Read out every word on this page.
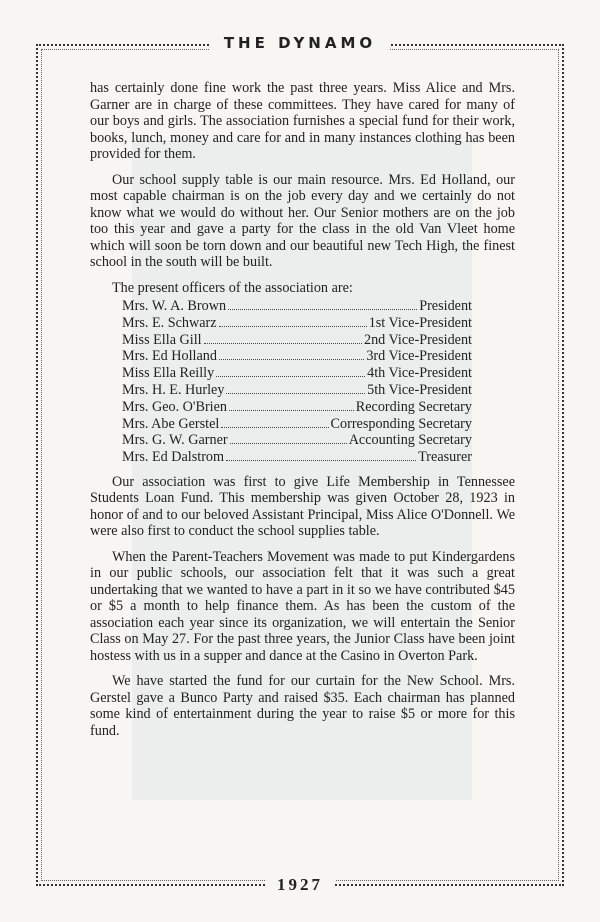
THE DYNAMO

has certainly done fine work the past three years. Miss Alice and Mrs. Garner are in charge of these committees. They have cared for many of our boys and girls. The association furnishes a special fund for their work, books, lunch, money and care for and in many instances clothing has been provided for them.

Our school supply table is our main resource. Mrs. Ed Holland, our most capable chairman is on the job every day and we certainly do not know what we would do without her. Our Senior mothers are on the job too this year and gave a party for the class in the old Van Vleet home which will soon be torn down and our beautiful new Tech High, the finest school in the south will be built.

The present officers of the association are:

Mrs. W. A. Brown	President
Mrs. E. Schwarz	1st Vice-President
Miss Ella Gill	2nd Vice-President
Mrs. Ed Holland	3rd Vice-President
Miss Ella Reilly	4th Vice-President
Mrs. H. E. Hurley	5th Vice-President
Mrs. Geo. O'Brien	Recording Secretary
Mrs. Abe Gerstel	Corresponding Secretary
Mrs. G. W. Garner	Accounting Secretary
Mrs. Ed Dalstrom	Treasurer

Our association was first to give Life Membership in Tennessee Students Loan Fund. This membership was given October 28, 1923 in honor of and to our beloved Assistant Principal, Miss Alice O'Donnell. We were also first to conduct the school supplies table.

When the Parent-Teachers Movement was made to put Kindergardens in our public schools, our association felt that it was such a great undertaking that we wanted to have a part in it so we have contributed $45 or $5 a month to help finance them. As has been the custom of the association each year since its organization, we will entertain the Senior Class on May 27. For the past three years, the Junior Class have been joint hostess with us in a supper and dance at the Casino in Overton Park.

We have started the fund for our curtain for the New School. Mrs. Gerstel gave a Bunco Party and raised $35. Each chairman has planned some kind of entertainment during the year to raise $5 or more for this fund.

1927
